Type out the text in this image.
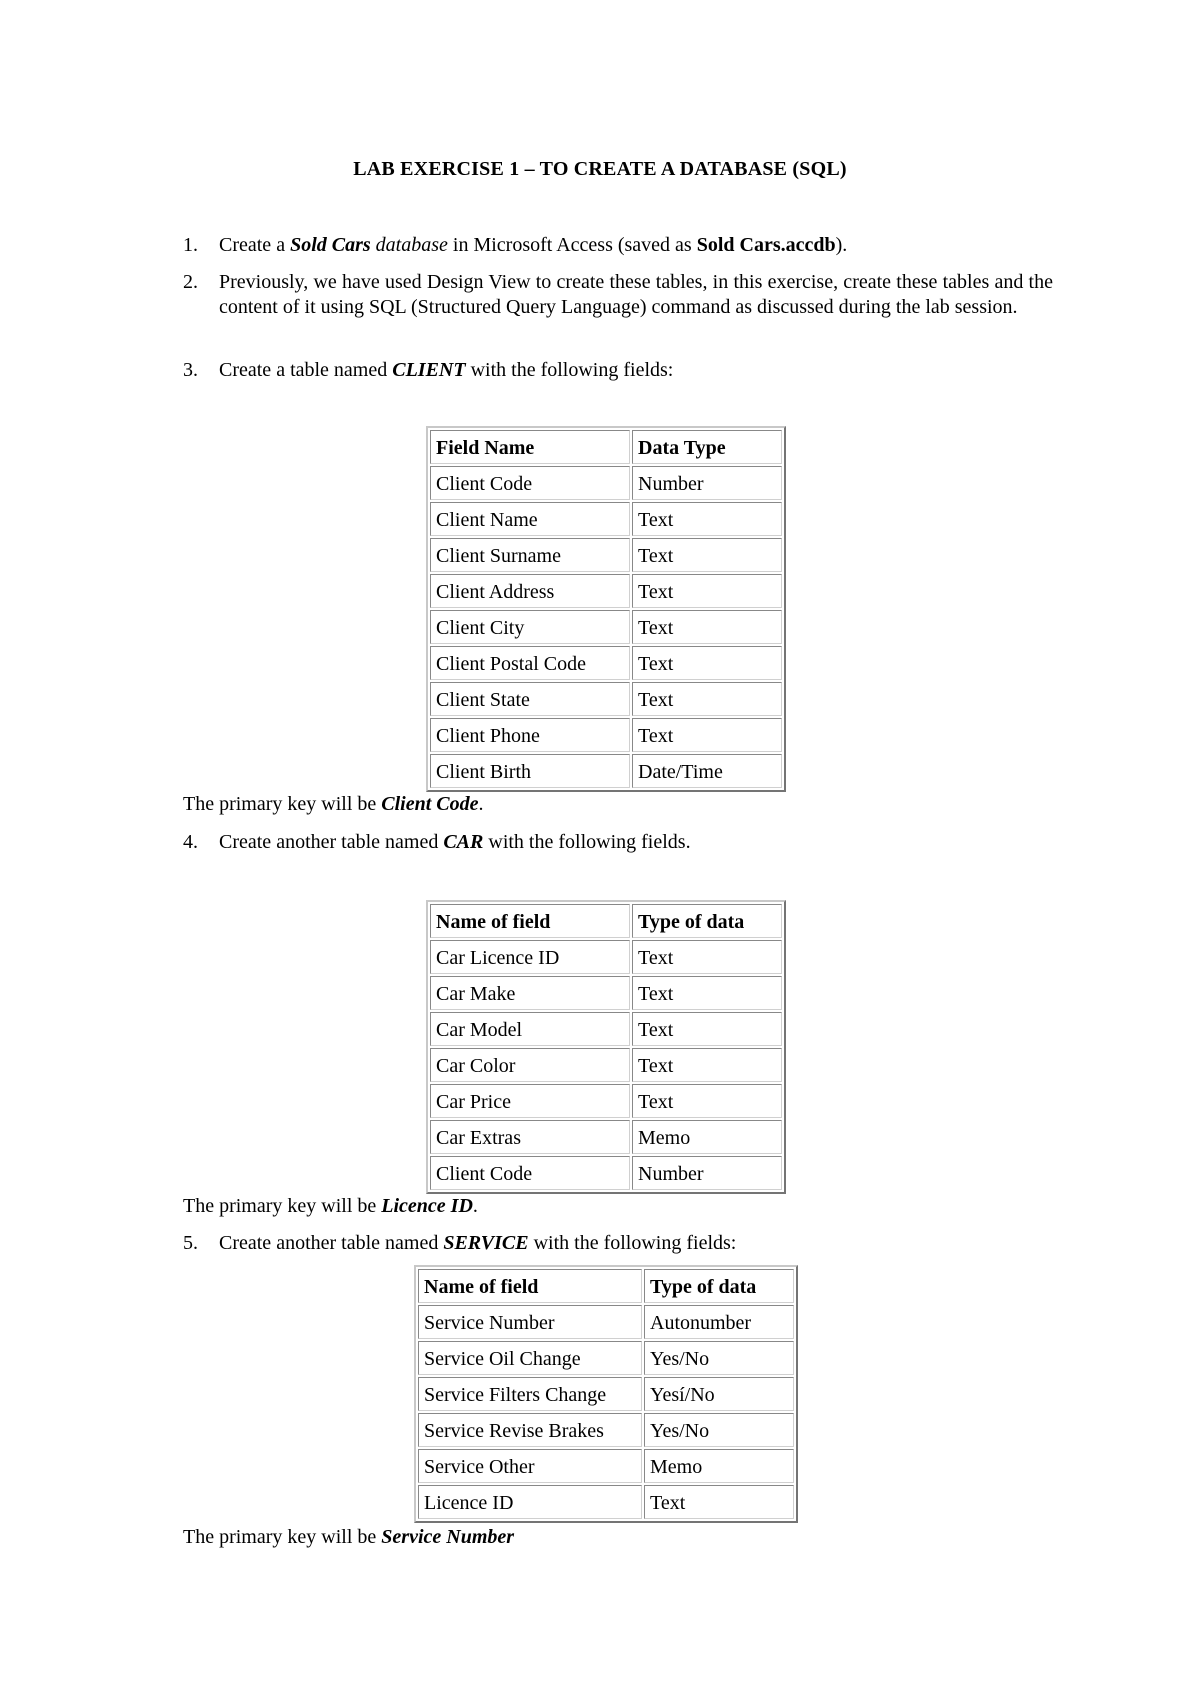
LAB EXERCISE 1 – TO CREATE A DATABASE (SQL)
1. Create a Sold Cars database in Microsoft Access (saved as Sold Cars.accdb).
2. Previously, we have used Design View to create these tables, in this exercise, create these tables and the content of it using SQL (Structured Query Language) command as discussed during the lab session.
3. Create a table named CLIENT with the following fields:
Field Name	Data Type
Client Code	Number
Client Name	Text
Client Surname	Text
Client Address	Text
Client City	Text
Client Postal Code	Text
Client State	Text
Client Phone	Text
Client Birth	Date/Time
The primary key will be Client Code.
4. Create another table named CAR with the following fields.
Name of field	Type of data
Car Licence ID	Text
Car Make	Text
Car Model	Text
Car Color	Text
Car Price	Text
Car Extras	Memo
Client Code	Number
The primary key will be Licence ID.
5. Create another table named SERVICE with the following fields:
Name of field	Type of data
Service Number	Autonumber
Service Oil Change	Yes/No
Service Filters Change	Yesí/No
Service Revise Brakes	Yes/No
Service Other	Memo
Licence ID	Text
The primary key will be Service Number
